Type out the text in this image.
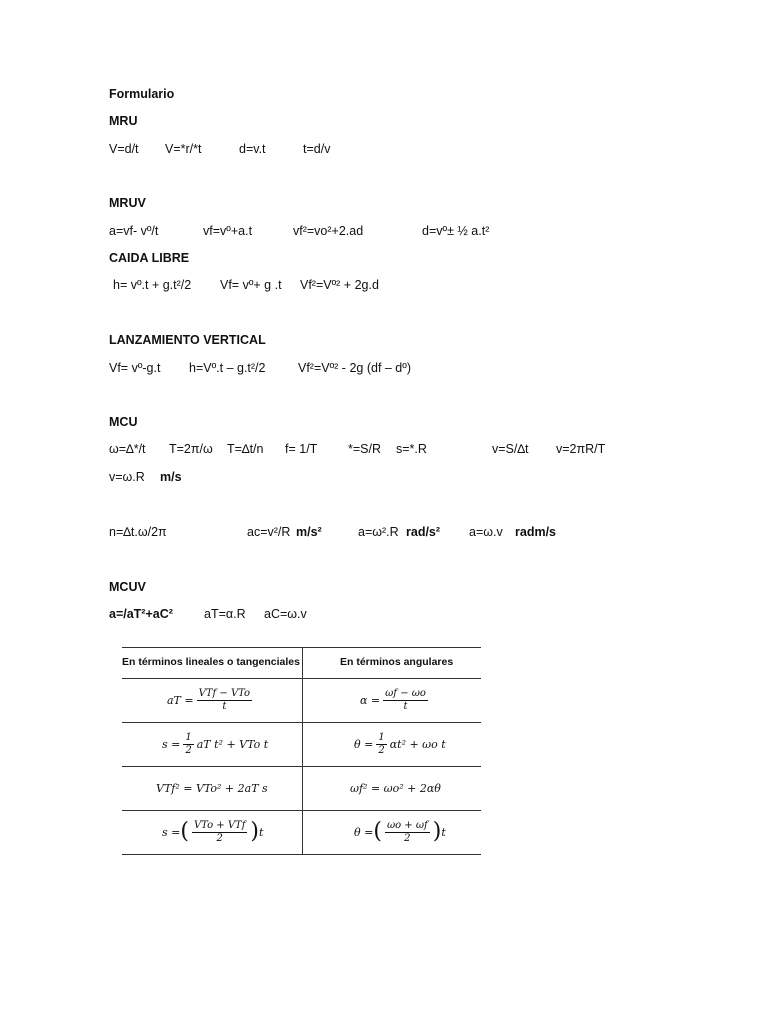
Formulario
MRU
V=d/t V=*r/*t	d=v.t	t=d/v
MRUV
a=vf- vº/t	vf=vº+a.t	vf²=vo²+2.ad	d=vº± ½ a.t²
CAIDA LIBRE
h= vº.t + g.t²/2 Vf= vº+ g .t Vf²=Vº² + 2g.d
LANZAMIENTO VERTICAL
Vf= vº-g.t h=Vº.t – g.t²/2	Vf²=Vº² - 2g (df – dº)
MCU
ω=∆*/t T=2π/ω T=∆t/n f= 1/T *=S/R s=*.R	v=S/∆t v=2πR/T
v=ω.R m/s
n=∆t.ω/2π	ac=v²/R m/s²	a=ω².R rad/s² a=ω.v radm/s
MCUV
a=/aT²+aC² aT=α.R aC=ω.v
En términos lineales o tangenciales	En términos angulares
aT = $\frac{\text{VTf − VTo}}{t}$	$\alpha = \frac{\omega f - \omega o}{t}$
$s = \frac{1}{2}$ aT t² + VTo t	$\theta = \frac{1}{2} \alpha t^2 + \omega o$ t
VTf² = VTo² + 2aT s	ωf² = ωo² + 2αθ
s = ( $\frac{\text{VTo + VTf}}{2}$ ) t	θ = ( $\frac{\omega o + \omega f}{2}$ ) t
